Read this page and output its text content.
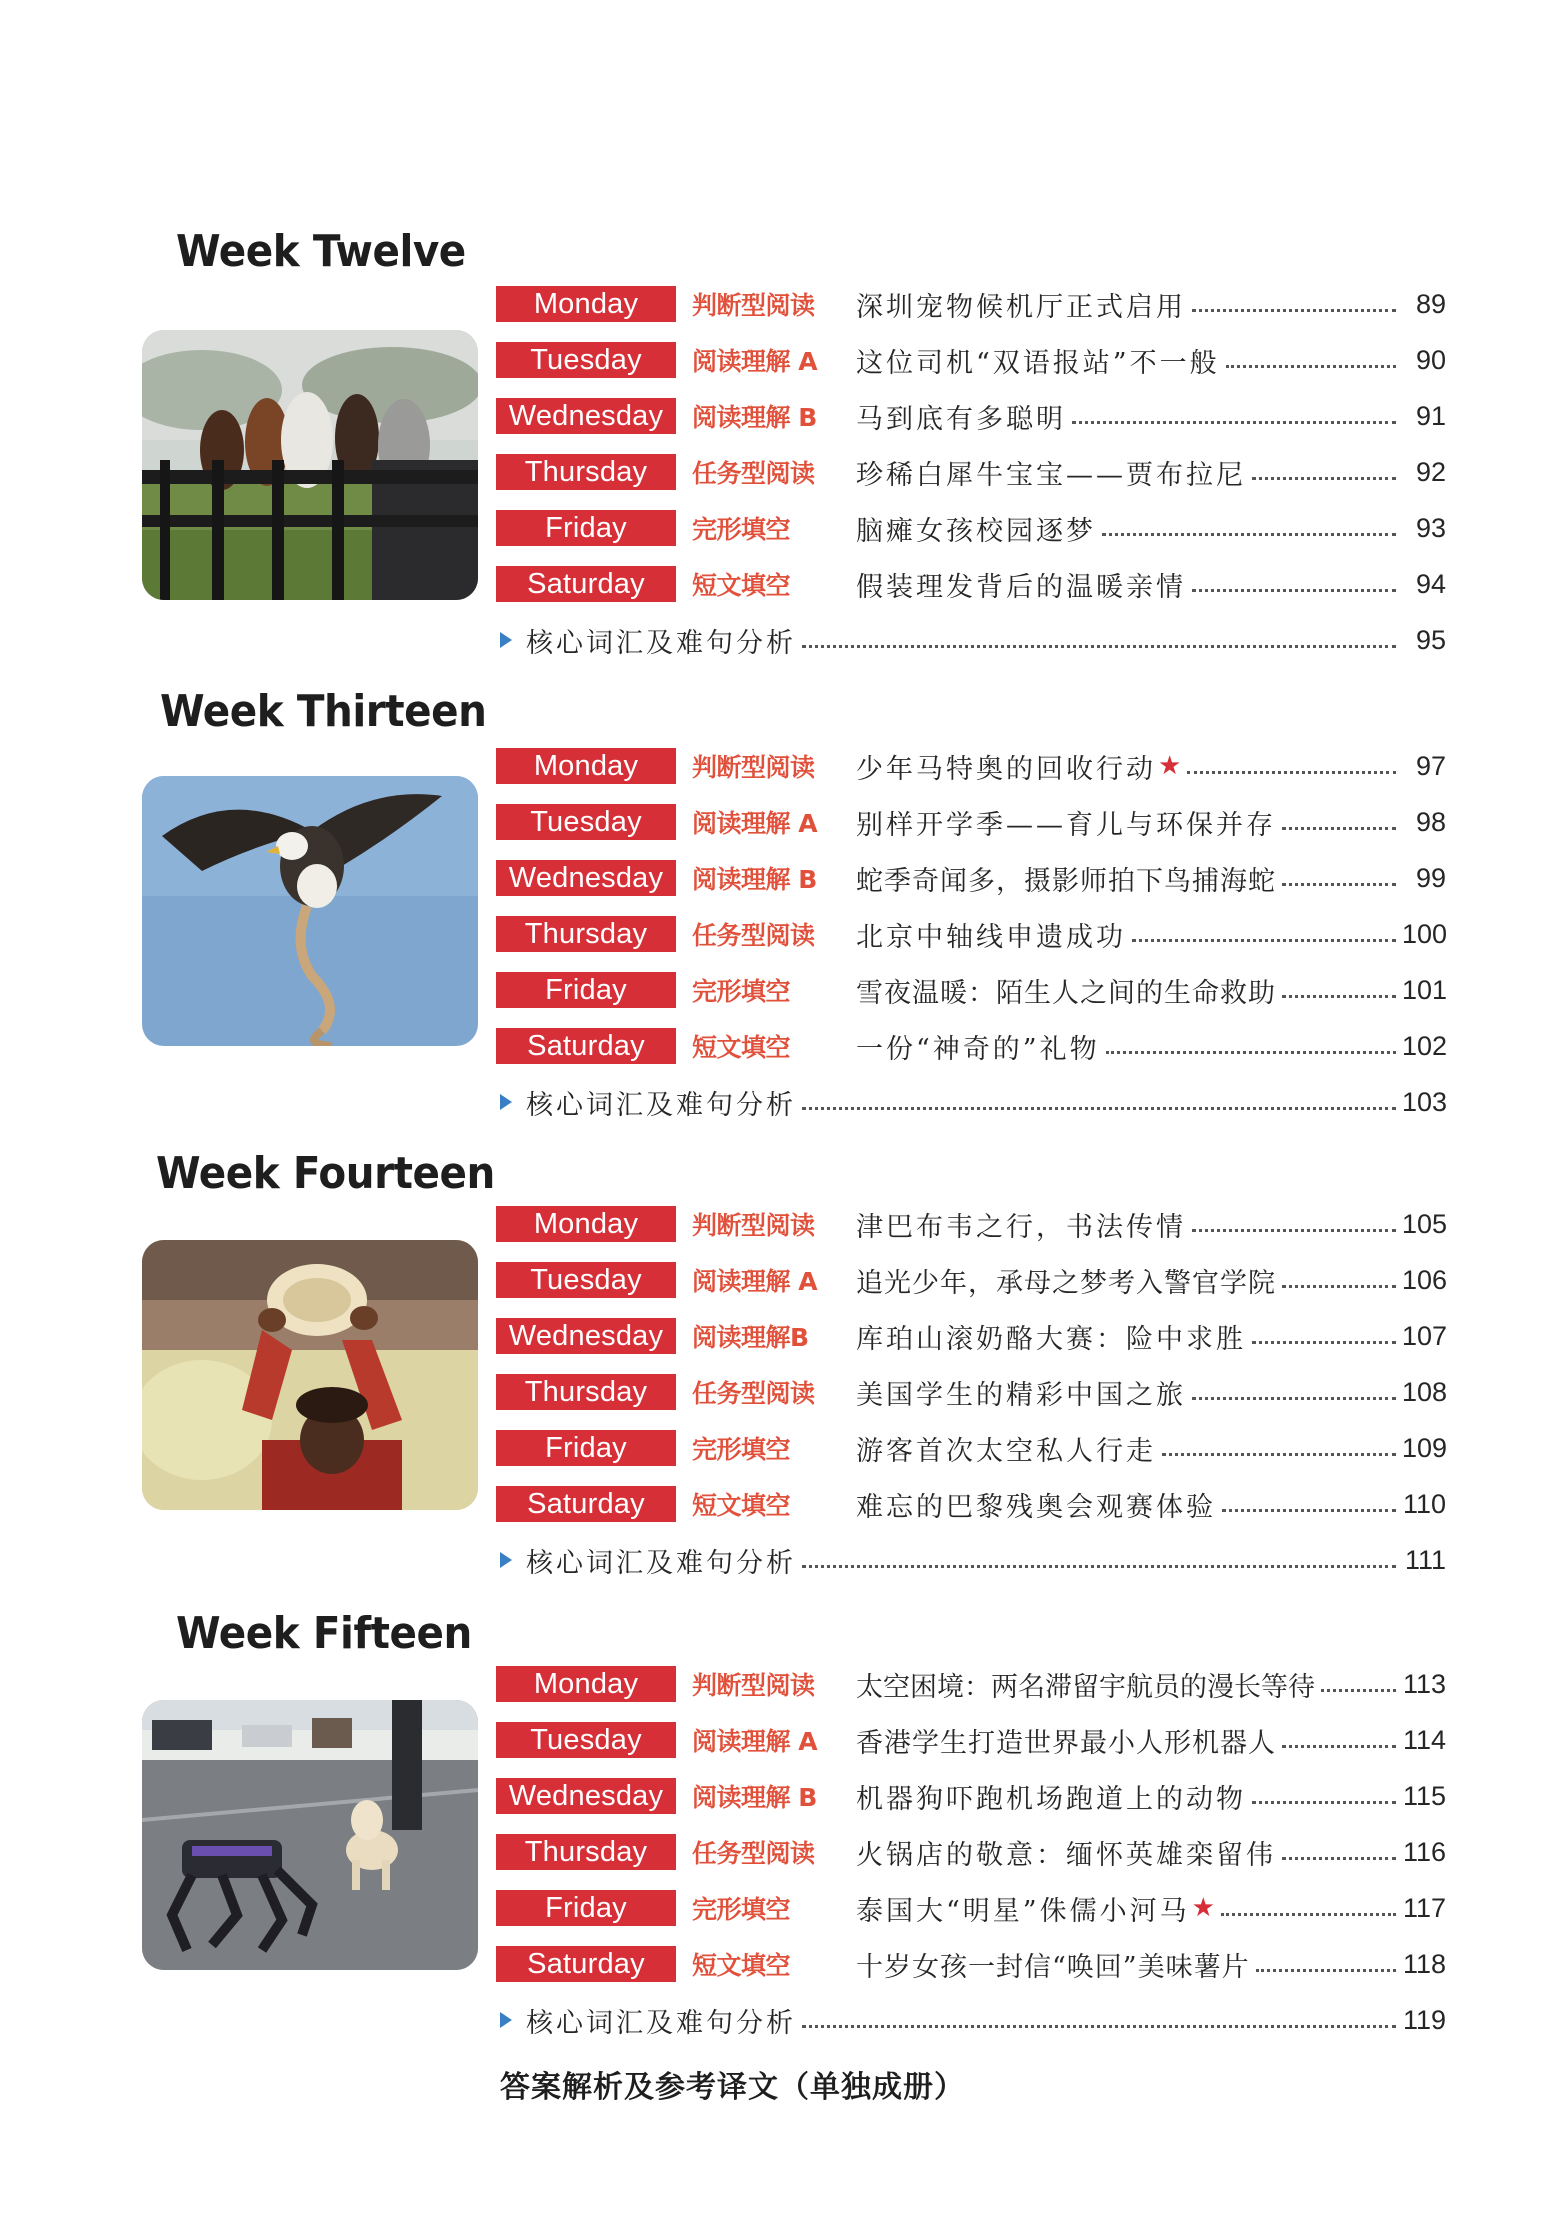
Week Twelve
Monday	判断型阅读	深圳宠物候机厅正式启用	89
Tuesday	阅读理解 A	这位司机“双语报站”不一般	90
Wednesday	阅读理解 B	马到底有多聪明	91
Thursday	任务型阅读	珍稀白犀牛宝宝——贾布拉尼	92
Friday	完形填空	脑瘫女孩校园逐梦	93
Saturday	短文填空	假装理发背后的温暖亲情	94
核心词汇及难句分析	95
Week Thirteen
Monday	判断型阅读	少年马特奥的回收行动 ★	97
Tuesday	阅读理解 A	别样开学季——育儿与环保并存	98
Wednesday	阅读理解 B	蛇季奇闻多，摄影师拍下鸟捕海蛇	99
Thursday	任务型阅读	北京中轴线申遗成功	100
Friday	完形填空	雪夜温暖：陌生人之间的生命救助	101
Saturday	短文填空	一份“神奇的”礼物	102
核心词汇及难句分析	103
Week Fourteen
Monday	判断型阅读	津巴布韦之行，书法传情	105
Tuesday	阅读理解 A	追光少年，承母之梦考入警官学院	106
Wednesday	阅读理解B	库珀山滚奶酪大赛：险中求胜	107
Thursday	任务型阅读	美国学生的精彩中国之旅	108
Friday	完形填空	游客首次太空私人行走	109
Saturday	短文填空	难忘的巴黎残奥会观赛体验	110
核心词汇及难句分析	111
Week Fifteen
Monday	判断型阅读	太空困境：两名滞留宇航员的漫长等待	113
Tuesday	阅读理解 A	香港学生打造世界最小人形机器人	114
Wednesday	阅读理解 B	机器狗吓跑机场跑道上的动物	115
Thursday	任务型阅读	火锅店的敬意：缅怀英雄栾留伟	116
Friday	完形填空	泰国大“明星”侏儒小河马 ★	117
Saturday	短文填空	十岁女孩一封信“唤回”美味薯片	118
核心词汇及难句分析	119
答案解析及参考译文（单独成册）
